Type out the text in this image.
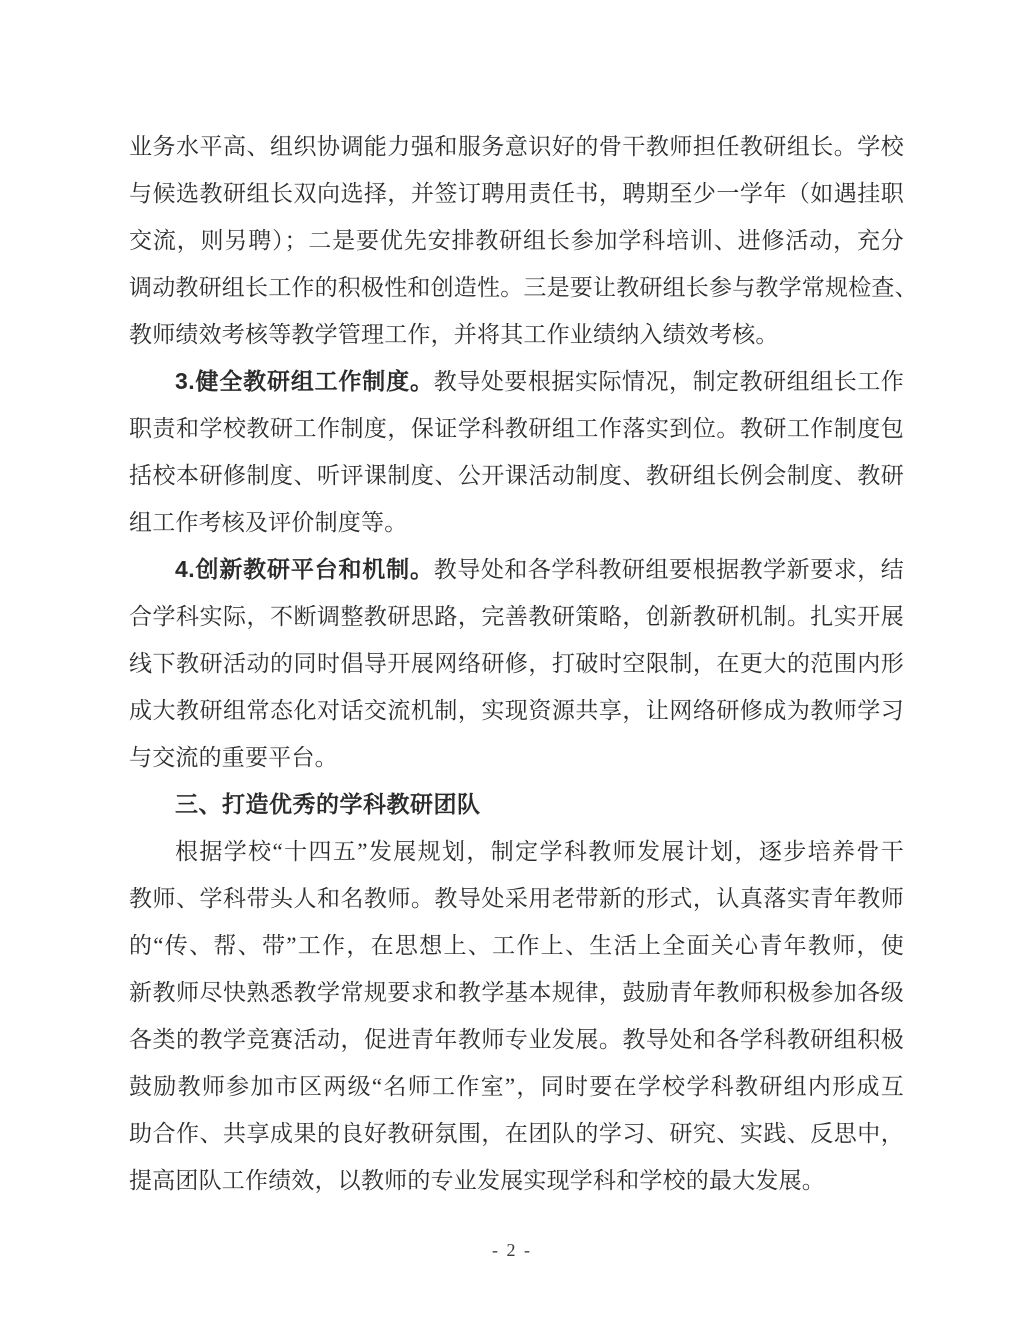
业务水平高、组织协调能力强和服务意识好的骨干教师担任教研组长。学校
与候选教研组长双向选择，并签订聘用责任书，聘期至少一学年（如遇挂职
交流，则另聘）；二是要优先安排教研组长参加学科培训、进修活动，充分
调动教研组长工作的积极性和创造性。三是要让教研组长参与教学常规检查、
教师绩效考核等教学管理工作，并将其工作业绩纳入绩效考核。
3.健全教研组工作制度。教导处要根据实际情况，制定教研组组长工作
职责和学校教研工作制度，保证学科教研组工作落实到位。教研工作制度包
括校本研修制度、听评课制度、公开课活动制度、教研组长例会制度、教研
组工作考核及评价制度等。
4.创新教研平台和机制。教导处和各学科教研组要根据教学新要求，结
合学科实际，不断调整教研思路，完善教研策略，创新教研机制。扎实开展
线下教研活动的同时倡导开展网络研修，打破时空限制，在更大的范围内形
成大教研组常态化对话交流机制，实现资源共享，让网络研修成为教师学习
与交流的重要平台。
三、打造优秀的学科教研团队
根据学校“十四五”发展规划，制定学科教师发展计划，逐步培养骨干
教师、学科带头人和名教师。教导处采用老带新的形式，认真落实青年教师
的“传、帮、带”工作，在思想上、工作上、生活上全面关心青年教师，使
新教师尽快熟悉教学常规要求和教学基本规律，鼓励青年教师积极参加各级
各类的教学竞赛活动，促进青年教师专业发展。教导处和各学科教研组积极
鼓励教师参加市区两级“名师工作室”，同时要在学校学科教研组内形成互
助合作、共享成果的良好教研氛围，在团队的学习、研究、实践、反思中，
提高团队工作绩效，以教师的专业发展实现学科和学校的最大发展。
- 2 -
